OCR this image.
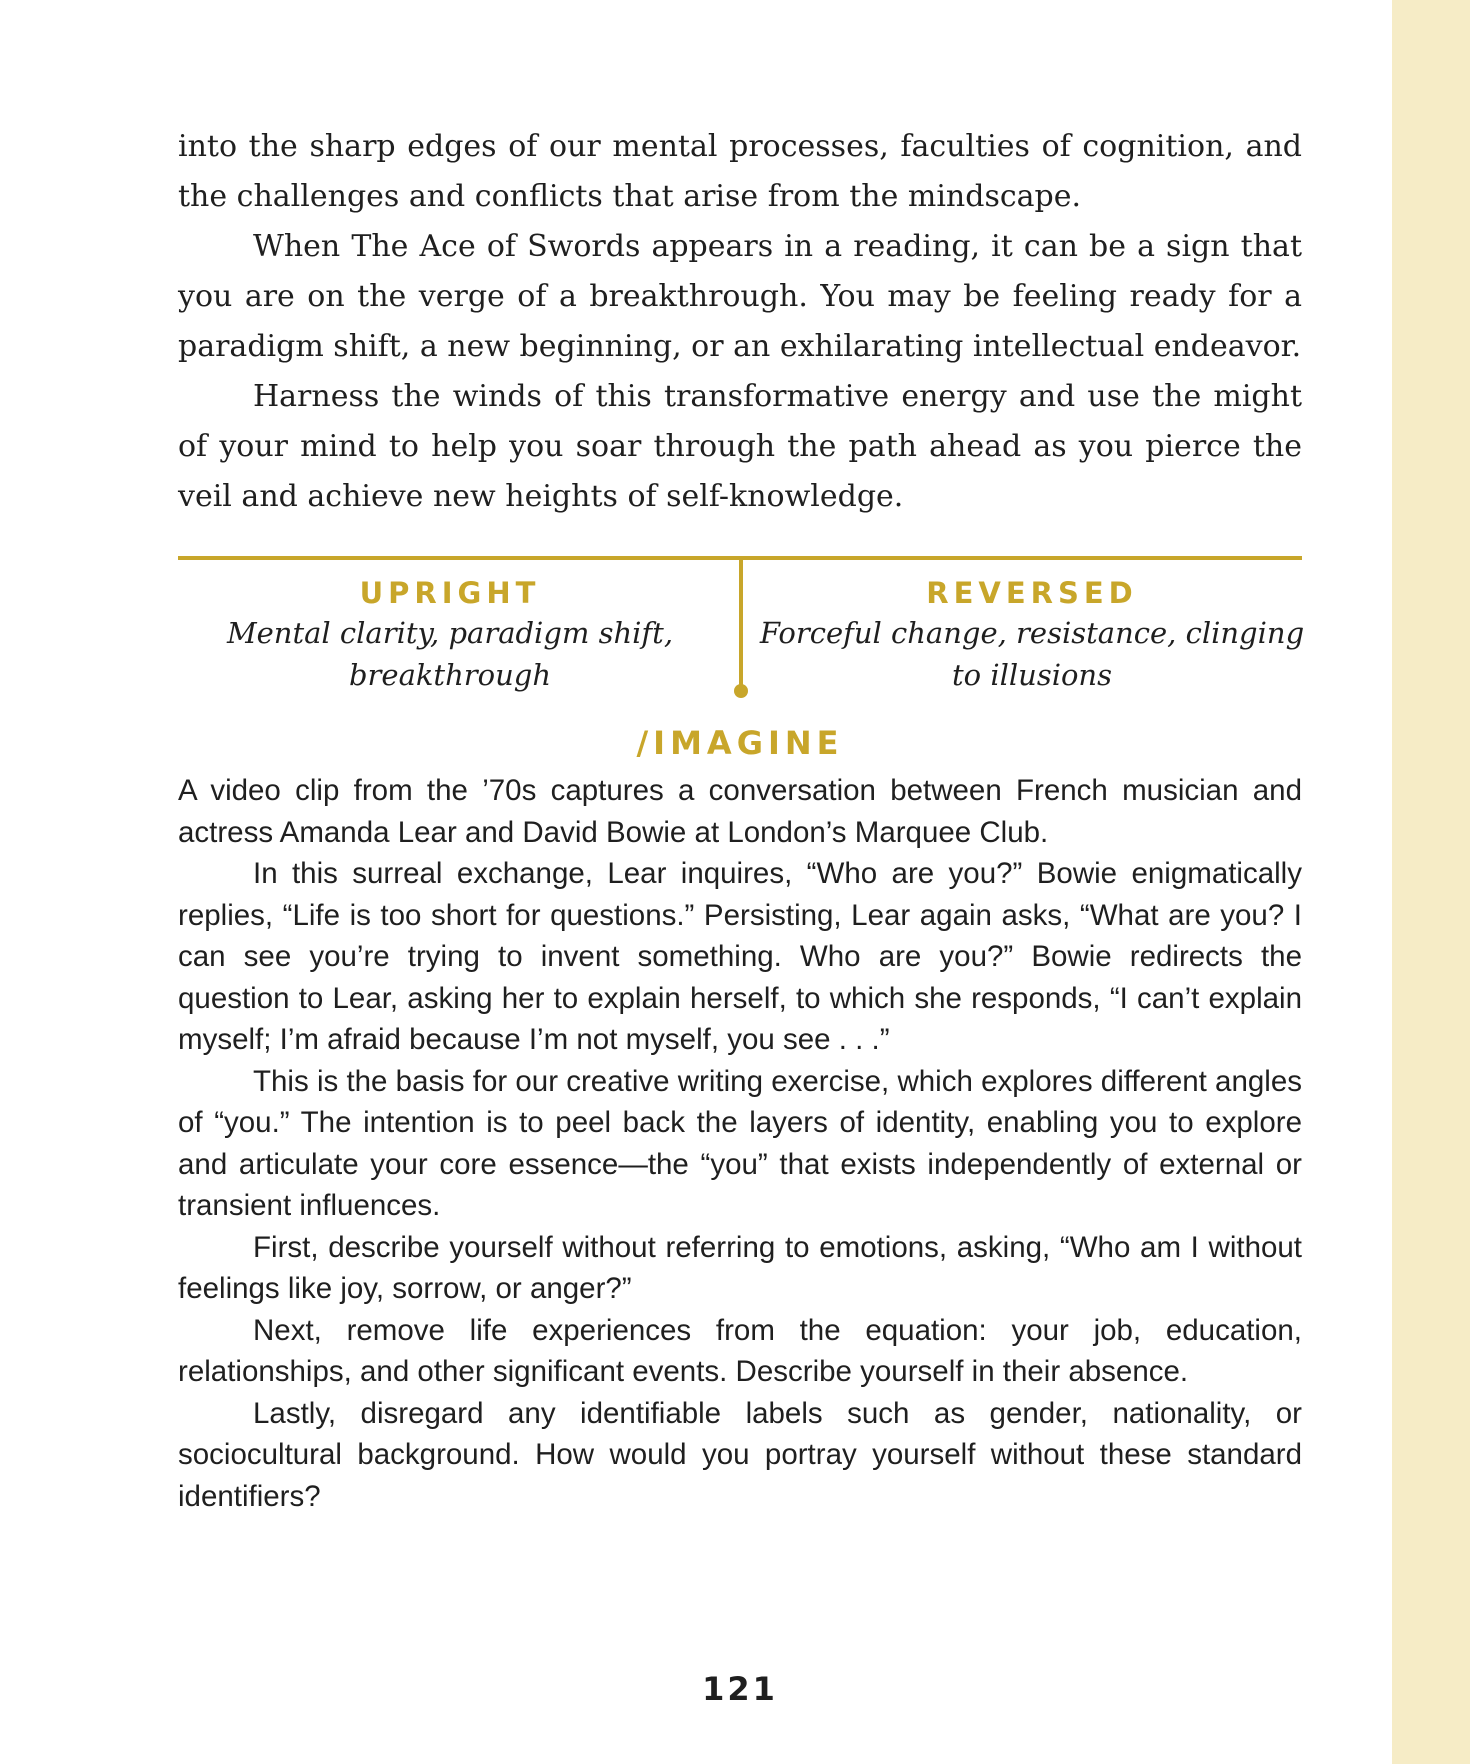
into the sharp edges of our mental processes, faculties of cognition, and the challenges and conflicts that arise from the mindscape.

When The Ace of Swords appears in a reading, it can be a sign that you are on the verge of a breakthrough. You may be feeling ready for a paradigm shift, a new beginning, or an exhilarating intellectual endeavor.

Harness the winds of this transformative energy and use the might of your mind to help you soar through the path ahead as you pierce the veil and achieve new heights of self-knowledge.

UPRIGHT
Mental clarity, paradigm shift, breakthrough
REVERSED
Forceful change, resistance, clinging to illusions
/IMAGINE

A video clip from the ’70s captures a conversation between French musician and actress Amanda Lear and David Bowie at London’s Marquee Club.

In this surreal exchange, Lear inquires, “Who are you?” Bowie enigmatically replies, “Life is too short for questions.” Persisting, Lear again asks, “What are you? I can see you’re trying to invent something. Who are you?” Bowie redirects the question to Lear, asking her to explain herself, to which she responds, “I can’t explain myself; I’m afraid because I’m not myself, you see . . .”

This is the basis for our creative writing exercise, which explores different angles of “you.” The intention is to peel back the layers of identity, enabling you to explore and articulate your core essence—the “you” that exists independently of external or transient influences.

First, describe yourself without referring to emotions, asking, “Who am I without feelings like joy, sorrow, or anger?”

Next, remove life experiences from the equation: your job, education, relationships, and other significant events. Describe yourself in their absence.

Lastly, disregard any identifiable labels such as gender, nationality, or sociocultural background. How would you portray yourself without these standard identifiers?

121
